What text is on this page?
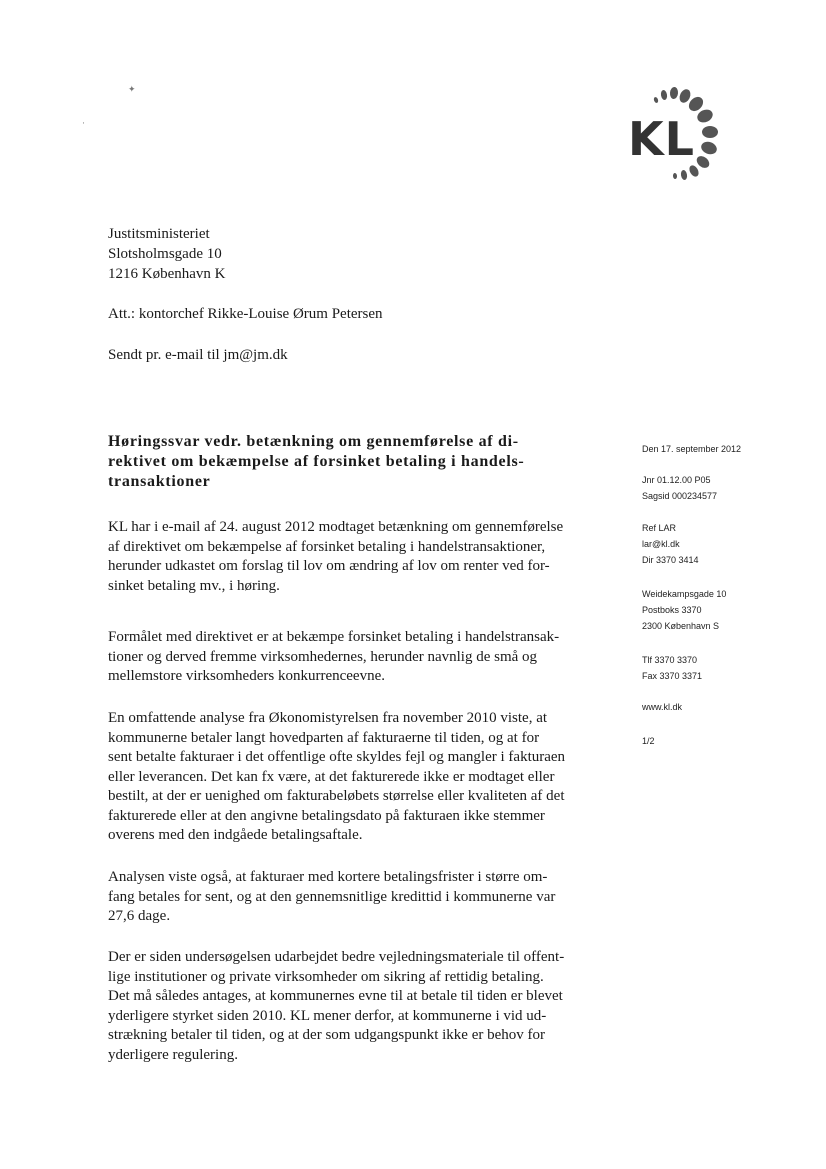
✦
·	KL
Justitsministeriet
Slotsholmsgade 10
1216 København K
Att.: kontorchef Rikke-Louise Ørum Petersen
Sendt pr. e-mail til jm@jm.dk
Høringssvar vedr. betænkning om gennemførelse af di-
rektivet om bekæmpelse af forsinket betaling i handels-
transaktioner
Den 17. september 2012
Jnr 01.12.00 P05
Sagsid 000234577
Ref LAR
lar@kl.dk
Dir 3370 3414
Weidekampsgade 10
Postboks 3370
2300 København S
Tlf 3370 3370
Fax 3370 3371
www.kl.dk
1/2
KL har i e-mail af 24. august 2012 modtaget betænkning om gennemførelse
af direktivet om bekæmpelse af forsinket betaling i handelstransaktioner,
herunder udkastet om forslag til lov om ændring af lov om renter ved for-
sinket betaling mv., i høring.
Formålet med direktivet er at bekæmpe forsinket betaling i handelstransak-
tioner og derved fremme virksomhedernes, herunder navnlig de små og
mellemstore virksomheders konkurrenceevne.
En omfattende analyse fra Økonomistyrelsen fra november 2010 viste, at
kommunerne betaler langt hovedparten af fakturaerne til tiden, og at for
sent betalte fakturaer i det offentlige ofte skyldes fejl og mangler i fakturaen
eller leverancen. Det kan fx være, at det fakturerede ikke er modtaget eller
bestilt, at der er uenighed om fakturabeløbets størrelse eller kvaliteten af det
fakturerede eller at den angivne betalingsdato på fakturaen ikke stemmer
overens med den indgåede betalingsaftale.
Analysen viste også, at fakturaer med kortere betalingsfrister i større om-
fang betales for sent, og at den gennemsnitlige kredittid i kommunerne var
27,6 dage.
Der er siden undersøgelsen udarbejdet bedre vejledningsmateriale til offent-
lige institutioner og private virksomheder om sikring af rettidig betaling.
Det må således antages, at kommunernes evne til at betale til tiden er blevet
yderligere styrket siden 2010. KL mener derfor, at kommunerne i vid ud-
strækning betaler til tiden, og at der som udgangspunkt ikke er behov for
yderligere regulering.
